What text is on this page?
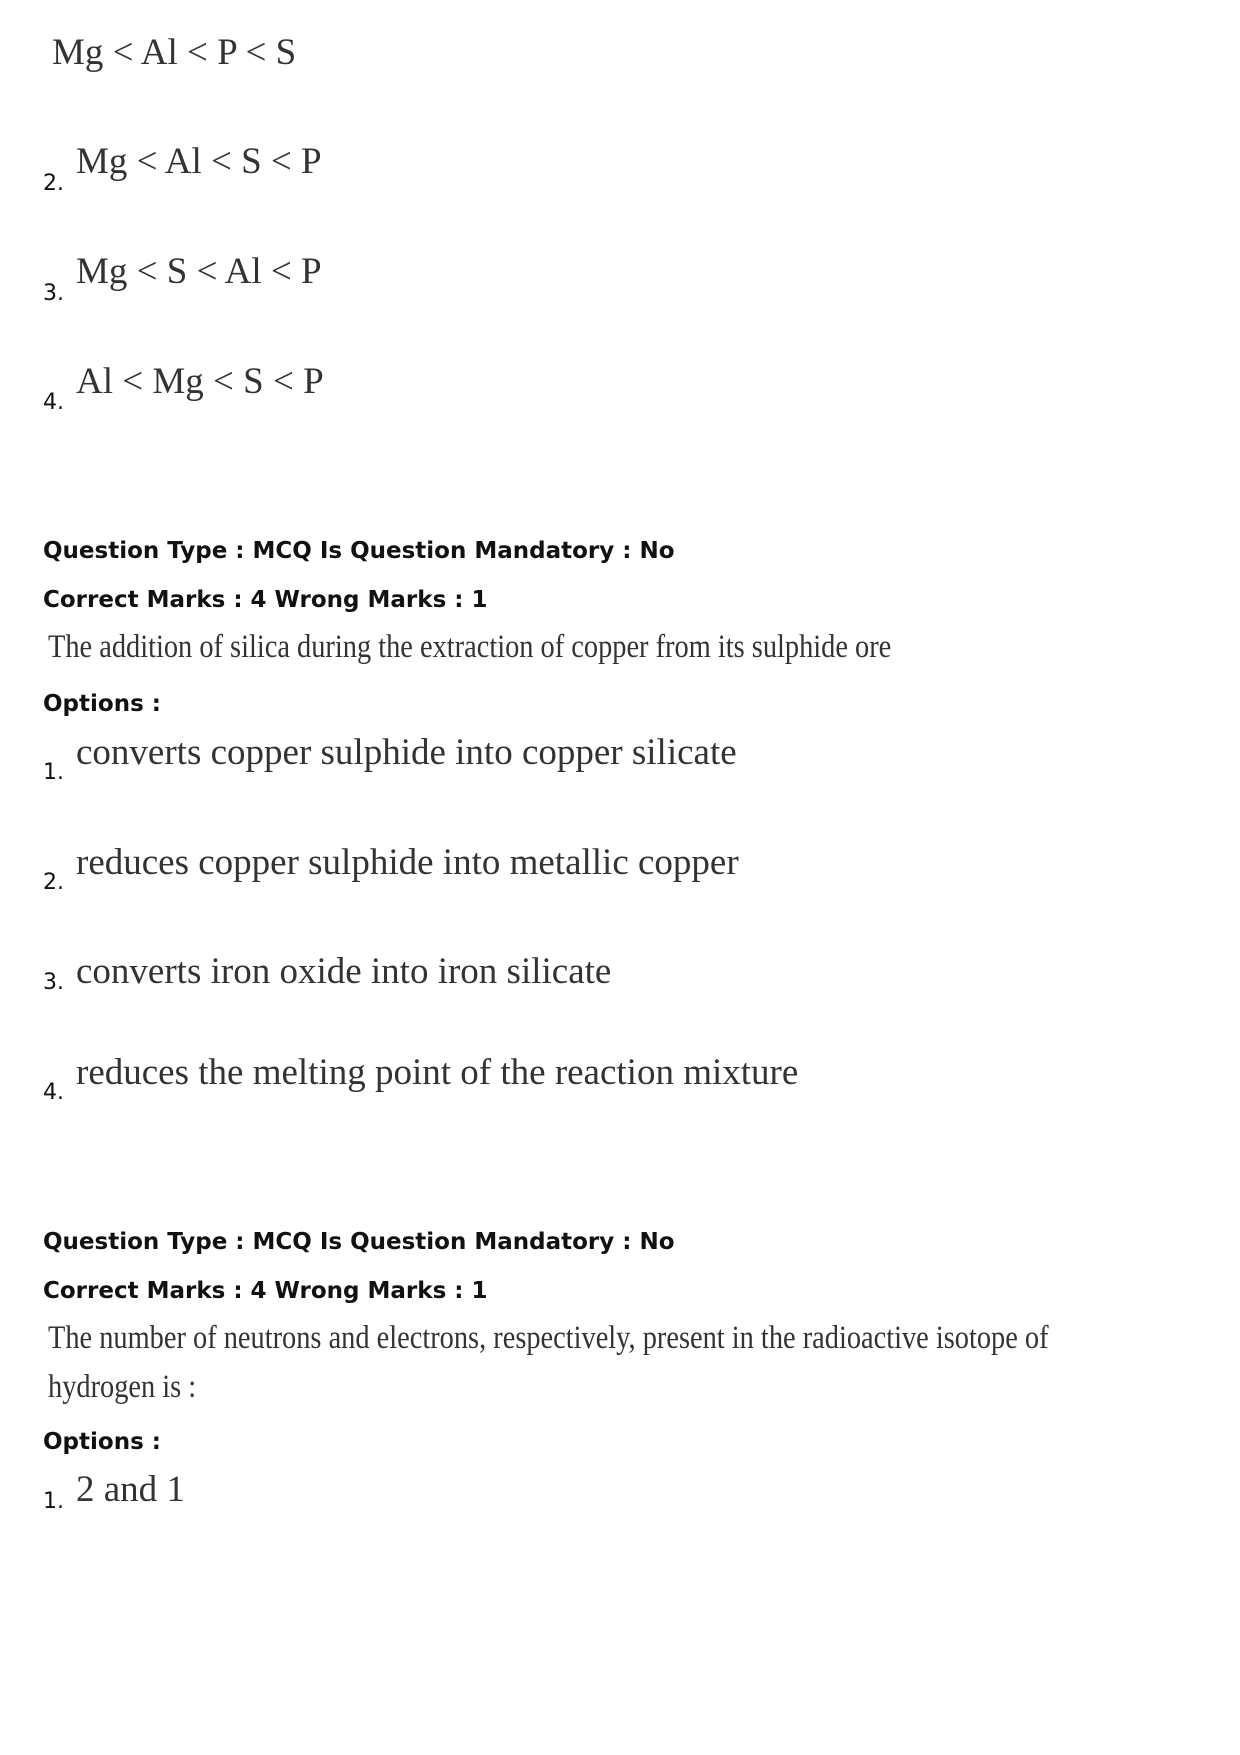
Mg < Al < P < S
2.
Mg < Al < S < P
3.
Mg < S < Al < P
4.
Al < Mg < S < P
Question Type : MCQ Is Question Mandatory : No
Correct Marks : 4 Wrong Marks : 1
The addition of silica during the extraction of copper from its sulphide ore
Options :
1. converts copper sulphide into copper silicate
2. reduces copper sulphide into metallic copper
3. converts iron oxide into iron silicate
4. reduces the melting point of the reaction mixture
Question Type : MCQ Is Question Mandatory : No
Correct Marks : 4 Wrong Marks : 1
The number of neutrons and electrons, respectively, present in the radioactive isotope of
hydrogen is :
Options :
1. 2 and 1
